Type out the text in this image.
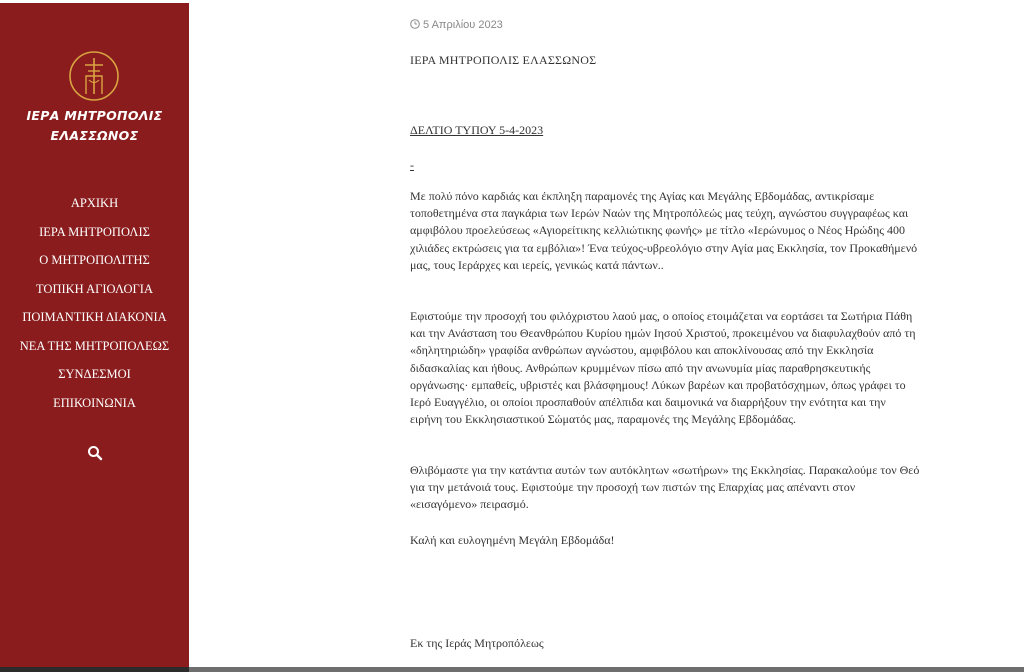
ΙΕΡΑ ΜΗΤΡΟΠΟΛΙΣ
ΕΛΑΣΣΩΝΟΣ
ΑΡΧΙΚΗ
ΙΕΡΑ ΜΗΤΡΟΠΟΛΙΣ
Ο ΜΗΤΡΟΠΟΛΙΤΗΣ
ΤΟΠΙΚΗ ΑΓΙΟΛΟΓΙΑ
ΠΟΙΜΑΝΤΙΚΗ ΔΙΑΚΟΝΙΑ
ΝΕΑ ΤΗΣ ΜΗΤΡΟΠΟΛΕΩΣ
ΣΥΝΔΕΣΜΟΙ
ΕΠΙΚΟΙΝΩΝΙΑ
5 Απριλίου 2023
ΙΕΡΑ ΜΗΤΡΟΠΟΛΙΣ ΕΛΑΣΣΩΝΟΣ
ΔΕΛΤΙΟ ΤΥΠΟΥ 5-4-2023
-

Με πολύ πόνο καρδιάς και έκπληξη παραμονές της Αγίας και Μεγάλης Εβδομάδας, αντικρίσαμε τοποθετημένα στα παγκάρια των Ιερών Ναών της Μητροπόλεώς μας τεύχη, αγνώστου συγγραφέως και αμφιβόλου προελεύσεως «Αγιορείτικης κελλιώτικης φωνής» με τίτλο «Ιερώνυμος ο Νέος Ηρώδης 400 χιλιάδες εκτρώσεις για τα εμβόλια»! Ένα τεύχος-υβρεολόγιο στην Αγία μας Εκκλησία, τον Προκαθήμενό μας, τους Ιεράρχες και ιερείς, γενικώς κατά πάντων..

Εφιστούμε την προσοχή του φιλόχριστου λαού μας, ο οποίος ετοιμάζεται να εορτάσει τα Σωτήρια Πάθη και την Ανάσταση του Θεανθρώπου Κυρίου ημών Ιησού Χριστού, προκειμένου να διαφυλαχθούν από τη «δηλητηριώδη» γραφίδα ανθρώπων αγνώστου, αμφιβόλου και αποκλίνουσας από την Εκκλησία διδασκαλίας και ήθους. Ανθρώπων κρυμμένων πίσω από την ανωνυμία μίας παραθρησκευτικής οργάνωσης· εμπαθείς, υβριστές και βλάσφημους! Λύκων βαρέων και προβατόσχημων, όπως γράφει το Ιερό Ευαγγέλιο, οι οποίοι προσπαθούν απέλπιδα και δαιμονικά να διαρρήξουν την ενότητα και την ειρήνη του Εκκλησιαστικού Σώματός μας, παραμονές της Μεγάλης Εβδομάδας.

Θλιβόμαστε για την κατάντια αυτών των αυτόκλητων «σωτήρων» της Εκκλησίας. Παρακαλούμε τον Θεό για την μετάνοιά τους. Εφιστούμε την προσοχή των πιστών της Επαρχίας μας απέναντι στον «εισαγόμενο» πειρασμό.

Καλή και ευλογημένη Μεγάλη Εβδομάδα!

Εκ της Ιεράς Μητροπόλεως
